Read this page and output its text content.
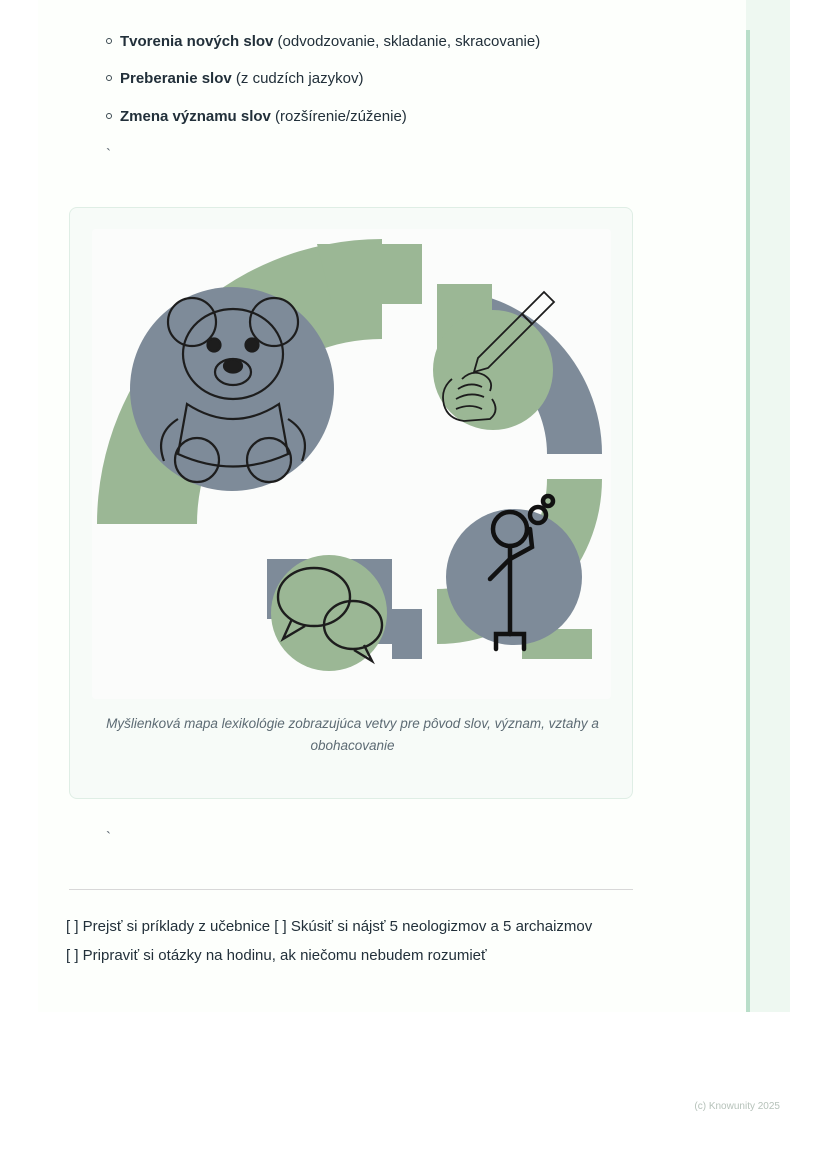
Tvorenia nových slov (odvodzovanie, skladanie, skracovanie)
Preberanie slov (z cudzích jazykov)
Zmena významu slov (rozšírenie/zúženie)
`
Myšlienková mapa lexikológie zobrazujúca vetvy pre pôvod slov, význam, vztahy a obohacovanie
`
[ ] Prejsť si príklady z učebnice [ ] Skúsiť si nájsť 5 neologizmov a 5 archaizmov
[ ] Pripraviť si otázky na hodinu, ak niečomu nebudem rozumieť
(c) Knowunity 2025
